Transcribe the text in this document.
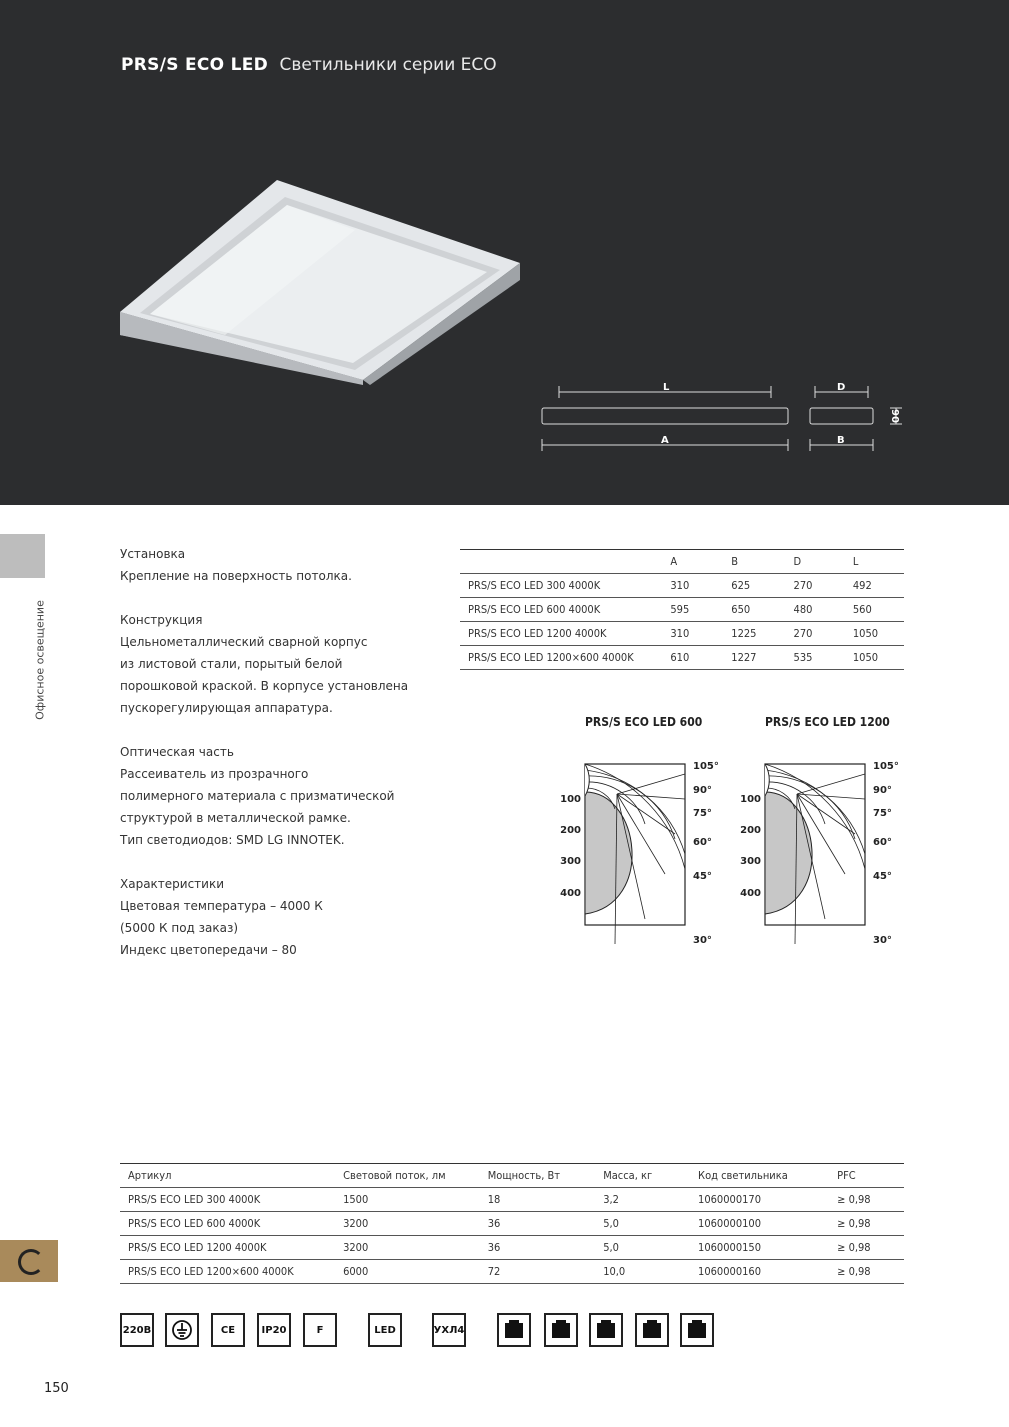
PRS/S ECO LED Светильники серии ECO
L
A
D
B
90
Офисное освещение
Установка
Крепление на поверхность потолка.
Конструкция
Цельнометаллический сварной корпус
из листовой стали, порытый белой
порошковой краской. В корпусе установлена
пускорегулирующая аппаратура.
Оптическая часть
Рассеиватель из прозрачного
полимерного материала с призматической
структурой в металлической рамке.
Тип светодиодов: SMD LG INNOTEK.
Характеристики
Цветовая температура – 4000 К
(5000 К под заказ)
Индекс цветопередачи – 80
	A	B	D	L
PRS/S ECO LED 300 4000K	310	625	270	492
PRS/S ECO LED 600 4000K	595	650	480	560
PRS/S ECO LED 1200 4000K	310	1225	270	1050
PRS/S ECO LED 1200×600 4000K	610	1227	535	1050
PRS/S ECO LED 600
105°
90°
75°
60°
45°
30°
100
200
300
400
PRS/S ECO LED 1200
105°
90°
75°
60°
45°
30°
100
200
300
400
Артикул	Световой поток, лм	Мощность, Вт	Масса, кг	Код светильника	PFC
PRS/S ECO LED 300 4000K	1500	18	3,2	1060000170	≥ 0,98
PRS/S ECO LED 600 4000K	3200	36	5,0	1060000100	≥ 0,98
PRS/S ECO LED 1200 4000K	3200	36	5,0	1060000150	≥ 0,98
PRS/S ECO LED 1200×600 4000K	6000	72	10,0	1060000160	≥ 0,98
220В	CE	IP20	F	LED	УХЛ4
150
